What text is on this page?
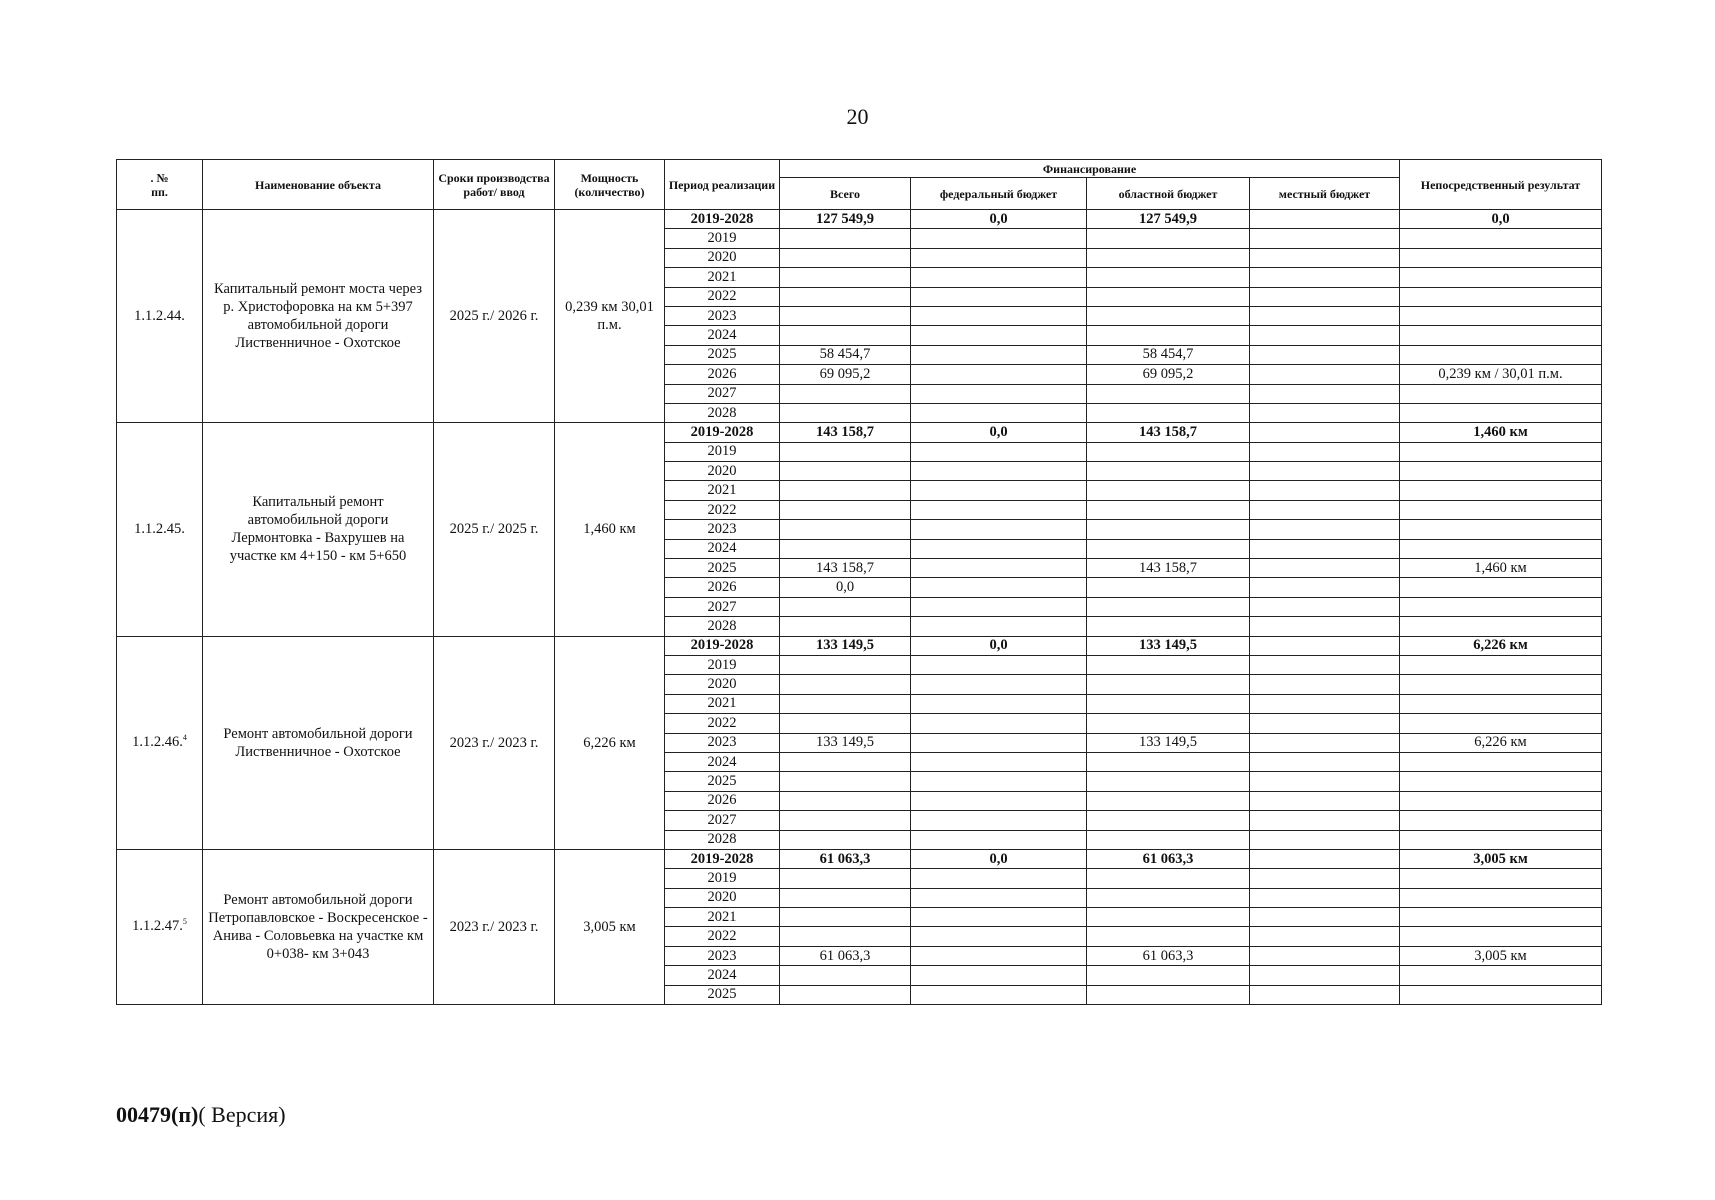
20
. №
пп.	Наименование объекта	Сроки производства работ/ ввод	Мощность (количество)	Период реализации	Финансирование				Непосредственный результат
					Всего	федеральный бюджет	областной бюджет	местный бюджет	
1.1.2.44.	Капитальный ремонт моста через р. Христофоровка на км 5+397 автомобильной дороги Лиственничное - Охотское	2025 г./ 2026 г.	0,239 км 30,01 п.м.	2019-2028	127 549,9	0,0	127 549,9		0,0
				2019					
				2020					
				2021					
				2022					
				2023					
				2024					
				2025	58 454,7		58 454,7		
				2026	69 095,2		69 095,2		0,239 км / 30,01 п.м.
				2027					
				2028					
1.1.2.45.	Капитальный ремонт автомобильной дороги Лермонтовка - Вахрушев на участке км 4+150 - км 5+650	2025 г./ 2025 г.	1,460 км	2019-2028	143 158,7	0,0	143 158,7		1,460 км
				2019					
				2020					
				2021					
				2022					
				2023					
				2024					
				2025	143 158,7		143 158,7		1,460 км
				2026	0,0				
				2027					
				2028					
1.1.2.46.$^4$	Ремонт автомобильной дороги Лиственничное - Охотское	2023 г./ 2023 г.	6,226 км	2019-2028	133 149,5	0,0	133 149,5		6,226 км
				2019					
				2020					
				2021					
				2022					
				2023	133 149,5		133 149,5		6,226 км
				2024					
				2025					
				2026					
				2027					
				2028					
1.1.2.47.$^5$	Ремонт автомобильной дороги Петропавловское - Воскресенское - Анива - Соловьевка на участке км 0+038- км 3+043	2023 г./ 2023 г.	3,005 км	2019-2028	61 063,3	0,0	61 063,3		3,005 км
				2019					
				2020					
				2021					
				2022					
				2023	61 063,3		61 063,3		3,005 км
				2024					
				2025					
00479(п)( Версия)
